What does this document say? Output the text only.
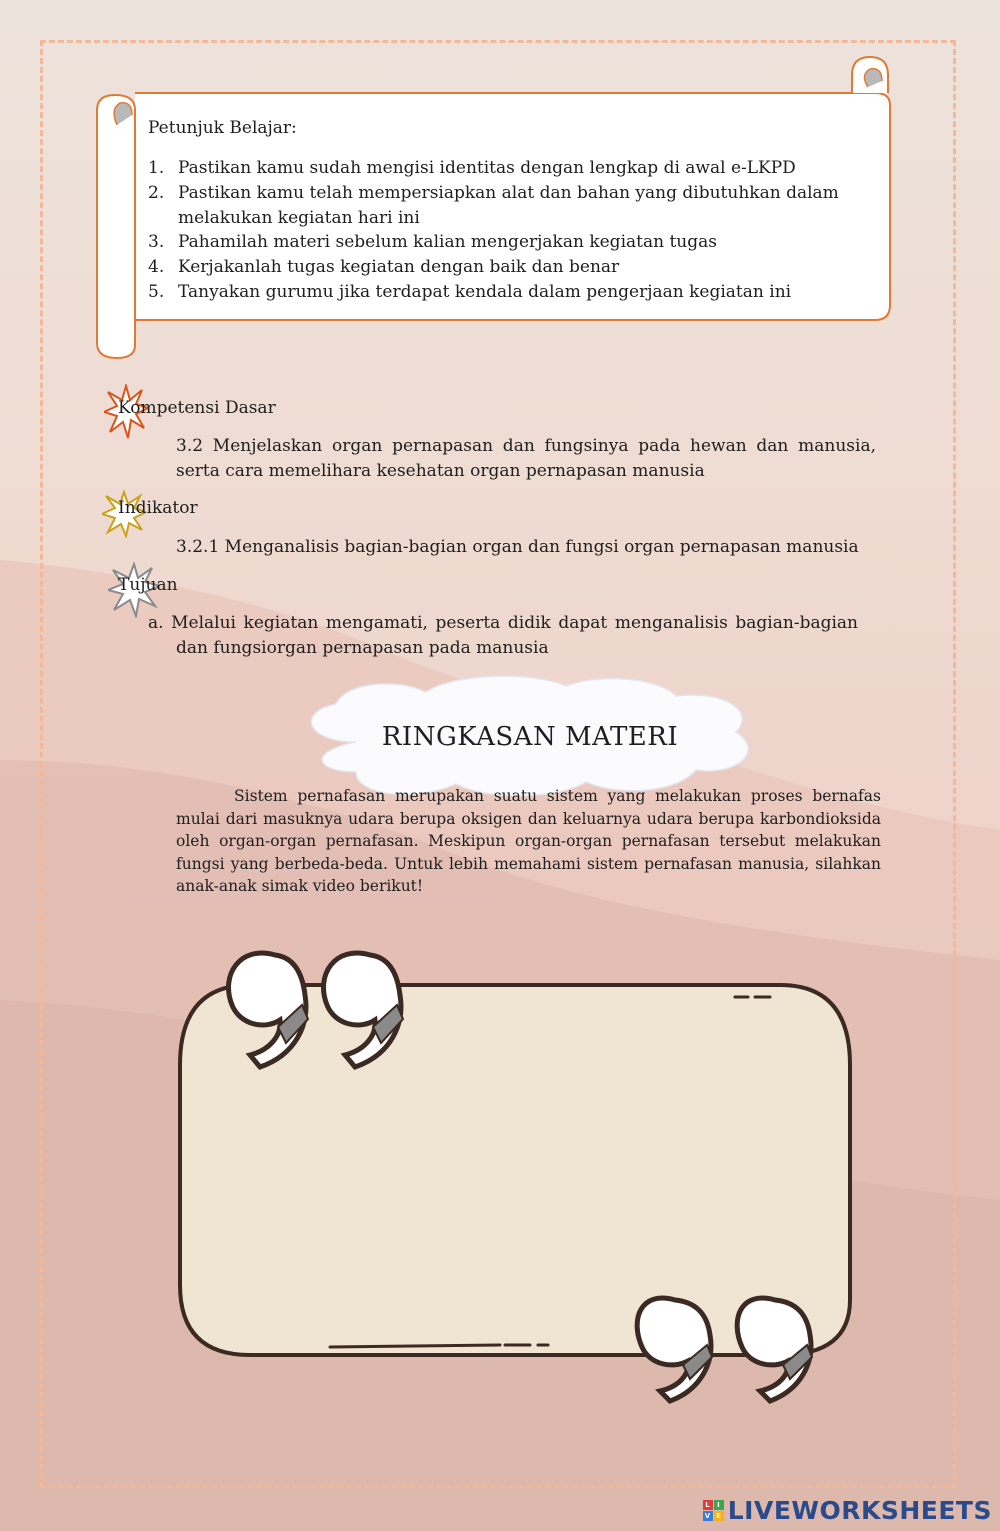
Petunjuk Belajar:
1. Pastikan kamu sudah mengisi identitas dengan lengkap di awal e-LKPD
2. Pastikan kamu telah mempersiapkan alat dan bahan yang dibutuhkan dalam melakukan kegiatan hari ini
3. Pahamilah materi sebelum kalian mengerjakan kegiatan tugas
4. Kerjakanlah tugas kegiatan dengan baik dan benar
5. Tanyakan gurumu jika terdapat kendala dalam pengerjaan kegiatan ini
Kompetensi Dasar
3.2 Menjelaskan organ pernapasan dan fungsinya pada hewan dan manusia, serta cara memelihara kesehatan organ pernapasan manusia
Indikator
3.2.1 Menganalisis bagian-bagian organ dan fungsi organ pernapasan manusia
Tujuan
a. Melalui kegiatan mengamati, peserta didik dapat menganalisis bagian-bagian dan fungsiorgan pernapasan pada manusia
RINGKASAN MATERI
Sistem pernafasan merupakan suatu sistem yang melakukan proses bernafas mulai dari masuknya udara berupa oksigen dan keluarnya udara berupa karbondioksida oleh organ-organ pernafasan. Meskipun organ-organ pernafasan tersebut melakukan fungsi yang berbeda-beda. Untuk lebih memahami sistem pernafasan manusia, silahkan anak-anak simak video berikut!
L I
V E LIVEWORKSHEETS
